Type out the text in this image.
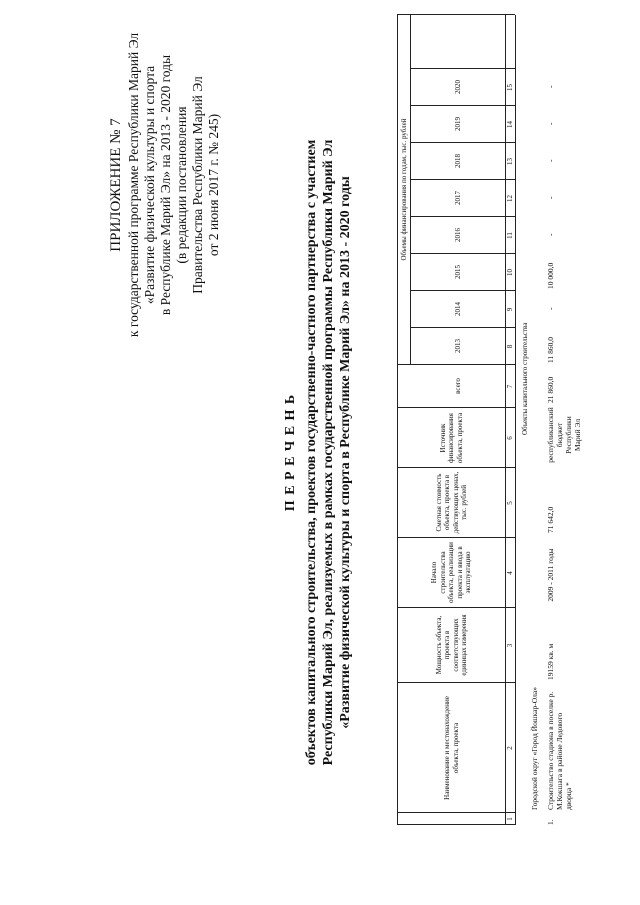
ПРИЛОЖЕНИЕ № 7 к государственной программе Республики Марий Эл «Развитие физической культуры и спорта в Республике Марий Эл» на 2013 - 2020 годы (в редакции постановления Правительства Республики Марий Эл от 2 июня 2017 г. № 245)
П Е Р Е Ч Е Н Ь объектов капитального строительства, проектов государственно-частного партнерства с участием Республики Марий Эл, реализуемых в рамках государственной программы Республики Марий Эл «Развитие физической культуры и спорта в Республике Марий Эл» на 2013 - 2020 годы
Наименование и местонахождение объекта, проекта
Мощность объекта, проекта в соответствующих единицах измерения
Начало строительства объекта, реализации проекта и ввода в эксплуатацию
Сметная стоимость объекта, проекта в действующих ценах, тыс. рублей
Источник финансирования объекта, проекта
Объемы финансирования по годам, тыс. рублей
всего
2013
2014
2015
2016
2017
2018
2019
2020
1
2
3
4
5
6
7
8
9
10
11
12
13
14
15
Объекты капитального строительства
Городской округ «Город Йошкар-Ола»
1.
Строительство стадиона в поселке р. М.Кокшага в районе Ледового дворца *
19159 кв. м
2009 - 2011 годы
71 642,0
республиканский бюджет Республики Марий Эл
21 860,0
11 860,0
-
10 000,0
-
-
-
-
-
